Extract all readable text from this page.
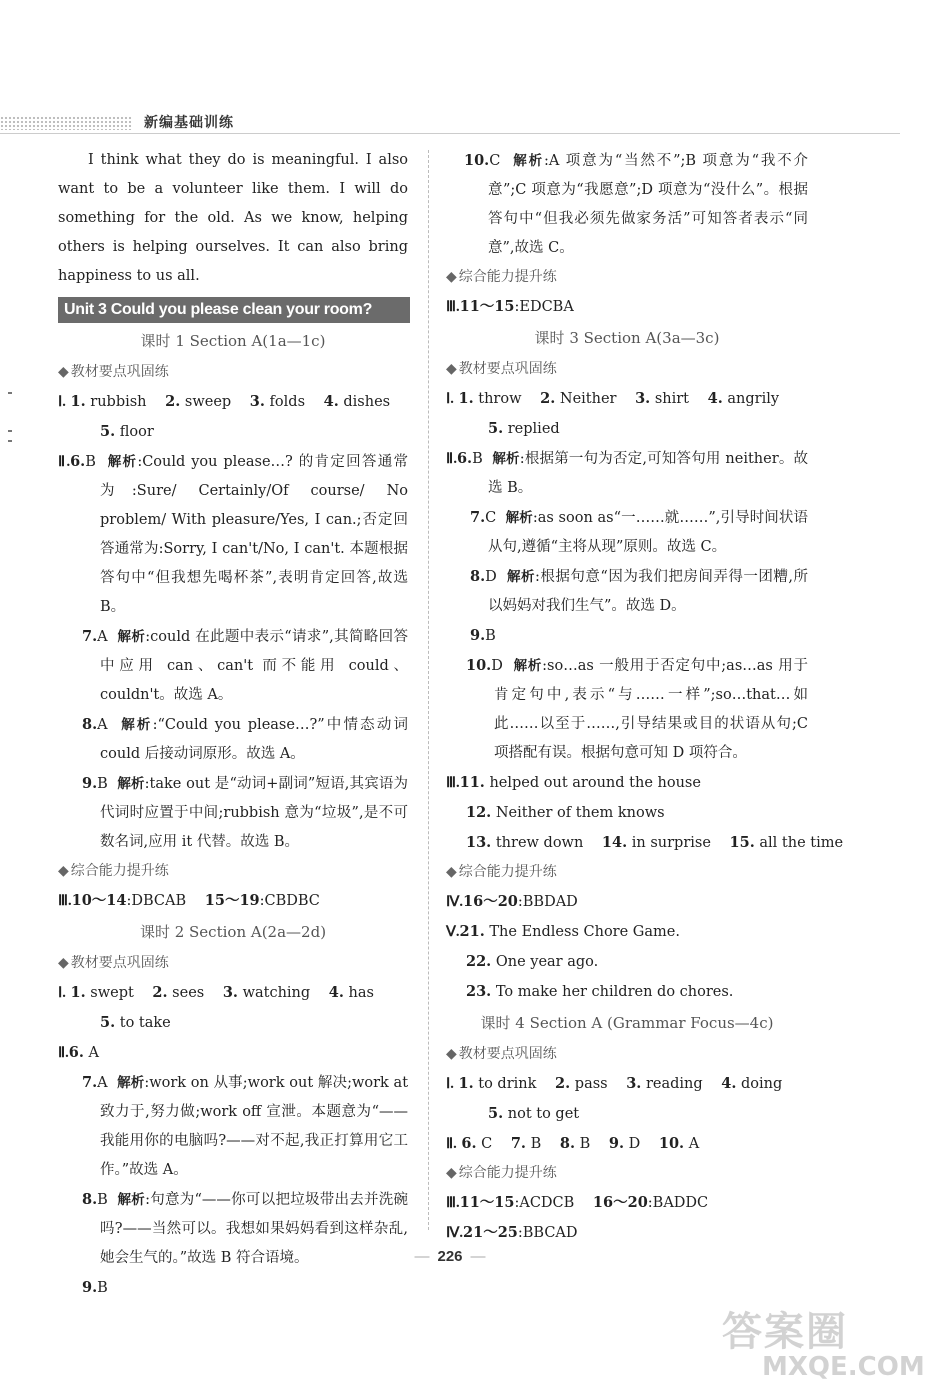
新编基础训练

I think what they do is meaningful. I also want to be a volunteer like them. I will do something for the old. As we know, helping others is helping ourselves. It can also bring happiness to us all.

Unit 3 Could you please clean your room?
课时 1 Section A(1a—1c)
◆ 教材要点巩固练
Ⅰ. 1. rubbish 2. sweep 3. folds 4. dishes
5. floor
Ⅱ.6.B 解析:Could you please…? 的肯定回答通常为:Sure/ Certainly/Of course/ No problem/ With pleasure/Yes, I can.;否定回答通常为:Sorry, I can't/No, I can't. 本题根据答句中“但我想先喝杯茶”,表明肯定回答,故选 B。
7.A 解析:could 在此题中表示“请求”,其简略回答中应用 can、can't 而不能用 could、couldn't。故选 A。
8.A 解析:“Could you please…?”中情态动词 could 后接动词原形。故选 A。
9.B 解析:take out 是“动词+副词”短语,其宾语为代词时应置于中间;rubbish 意为“垃圾”,是不可数名词,应用 it 代替。故选 B。
◆ 综合能力提升练
Ⅲ.10～14:DBCAB 15～19:CBDBC
课时 2 Section A(2a—2d)
◆ 教材要点巩固练
Ⅰ. 1. swept 2. sees 3. watching 4. has
5. to take
Ⅱ.6. A
7.A 解析:work on 从事;work out 解决;work at 致力于,努力做;work off 宣泄。本题意为“——我能用你的电脑吗?——对不起,我正打算用它工作。”故选 A。
8.B 解析:句意为“——你可以把垃圾带出去并洗碗吗?——当然可以。我想如果妈妈看到这样杂乱,她会生气的。”故选 B 符合语境。
9.B
10.C 解析:A 项意为“当然不”;B 项意为“我不介意”;C 项意为“我愿意”;D 项意为“没什么”。根据答句中“但我必须先做家务活”可知答者表示“同意”,故选 C。
◆ 综合能力提升练
Ⅲ.11～15:EDCBA
课时 3 Section A(3a—3c)
◆ 教材要点巩固练
Ⅰ. 1. throw 2. Neither 3. shirt 4. angrily
5. replied
Ⅱ.6.B 解析:根据第一句为否定,可知答句用 neither。故选 B。
7.C 解析:as soon as“一……就……”,引导时间状语从句,遵循“主将从现”原则。故选 C。
8.D 解析:根据句意“因为我们把房间弄得一团糟,所以妈妈对我们生气”。故选 D。
9.B
10.D 解析:so…as 一般用于否定句中;as…as 用于肯定句中,表示“与……一样”;so…that…如此……以至于……,引导结果或目的状语从句;C 项搭配有误。根据句意可知 D 项符合。
Ⅲ.11. helped out around the house
12. Neither of them knows
13. threw down 14. in surprise 15. all the time
◆ 综合能力提升练
Ⅳ.16～20:BBDAD
Ⅴ.21. The Endless Chore Game.
22. One year ago.
23. To make her children do chores.
课时 4 Section A (Grammar Focus—4c)
◆ 教材要点巩固练
Ⅰ. 1. to drink 2. pass 3. reading 4. doing
5. not to get
Ⅱ. 6. C 7. B 8. B 9. D 10. A
◆ 综合能力提升练
Ⅲ.11～15:ACDCB 16～20:BADDC
Ⅳ.21～25:BBCAD
— 226 —
答案圈
MXQE.COM
